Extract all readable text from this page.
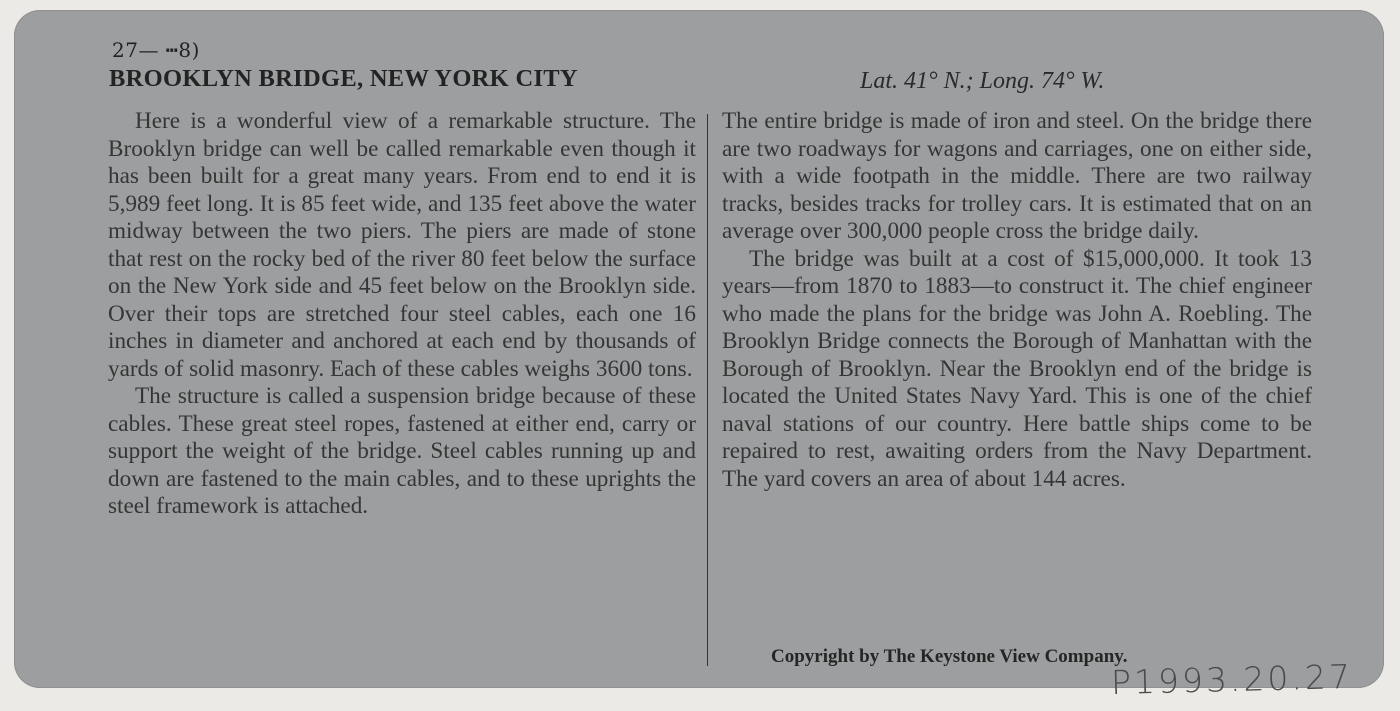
27— ┅8)
BROOKLYN BRIDGE, NEW YORK CITY	Lat. 41° N.; Long. 74° W.

Here is a wonderful view of a remarkable structure. The Brooklyn bridge can well be called remarkable even though it has been built for a great many years. From end to end it is 5,989 feet long. It is 85 feet wide, and 135 feet above the water midway between the two piers. The piers are made of stone that rest on the rocky bed of the river 80 feet below the surface on the New York side and 45 feet below on the Brooklyn side. Over their tops are stretched four steel cables, each one 16 inches in diameter and anchored at each end by thousands of yards of solid masonry. Each of these cables weighs 3600 tons.

The structure is called a suspension bridge because of these cables. These great steel ropes, fastened at either end, carry or support the weight of the bridge. Steel cables running up and down are fastened to the main cables, and to these uprights the steel framework is attached.

The entire bridge is made of iron and steel. On the bridge there are two roadways for wagons and carriages, one on either side, with a wide footpath in the middle. There are two railway tracks, besides tracks for trolley cars. It is estimated that on an average over 300,000 people cross the bridge daily.

The bridge was built at a cost of $15,000,000. It took 13 years—from 1870 to 1883—to construct it. The chief engineer who made the plans for the bridge was John A. Roebling. The Brooklyn Bridge connects the Borough of Manhattan with the Borough of Brooklyn. Near the Brooklyn end of the bridge is located the United States Navy Yard. This is one of the chief naval stations of our country. Here battle ships come to be repaired to rest, awaiting orders from the Navy Department. The yard covers an area of about 144 acres.

Copyright by The Keystone View Company.
P1993.20.27
